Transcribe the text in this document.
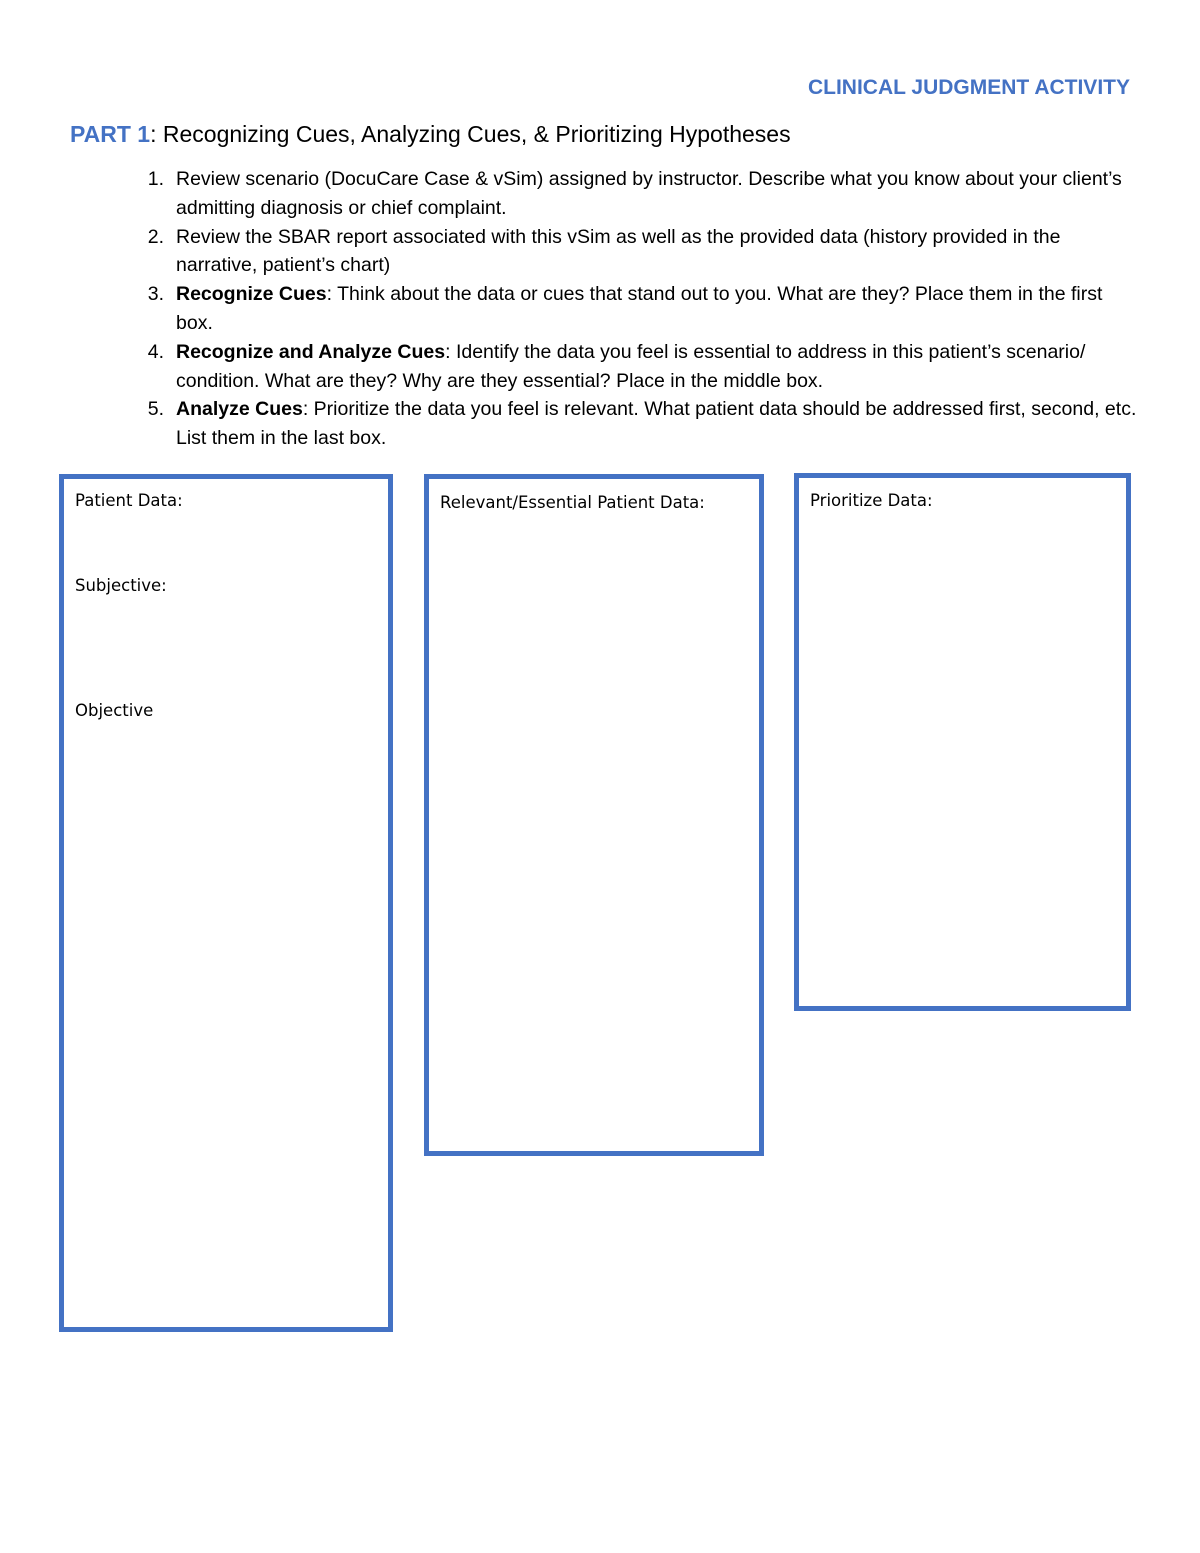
CLINICAL JUDGMENT ACTIVITY
PART 1: Recognizing Cues, Analyzing Cues, & Prioritizing Hypotheses
1. Review scenario (DocuCare Case & vSim) assigned by instructor. Describe what you know about your client’s admitting diagnosis or chief complaint.
2. Review the SBAR report associated with this vSim as well as the provided data (history provided in the narrative, patient’s chart)
3. Recognize Cues: Think about the data or cues that stand out to you. What are they? Place them in the first box.
4. Recognize and Analyze Cues: Identify the data you feel is essential to address in this patient’s scenario/ condition. What are they? Why are they essential? Place in the middle box.
5. Analyze Cues: Prioritize the data you feel is relevant. What patient data should be addressed first, second, etc. List them in the last box.
Patient Data:
Subjective:
Objective
Relevant/Essential Patient Data:	Prioritize Data:
